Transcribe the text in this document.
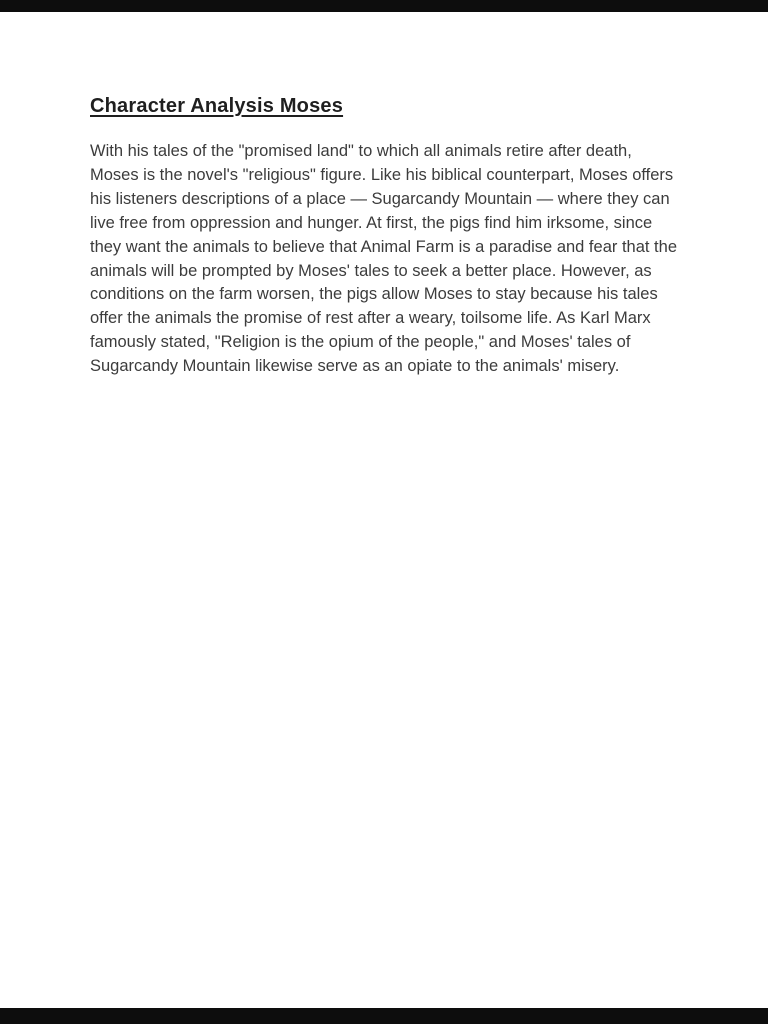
Character Analysis Moses

With his tales of the "promised land" to which all animals retire after death, Moses is the novel's "religious" figure. Like his biblical counterpart, Moses offers his listeners descriptions of a place — Sugarcandy Mountain — where they can live free from oppression and hunger. At first, the pigs find him irksome, since they want the animals to believe that Animal Farm is a paradise and fear that the animals will be prompted by Moses' tales to seek a better place. However, as conditions on the farm worsen, the pigs allow Moses to stay because his tales offer the animals the promise of rest after a weary, toilsome life. As Karl Marx famously stated, "Religion is the opium of the people," and Moses' tales of Sugarcandy Mountain likewise serve as an opiate to the animals' misery.
